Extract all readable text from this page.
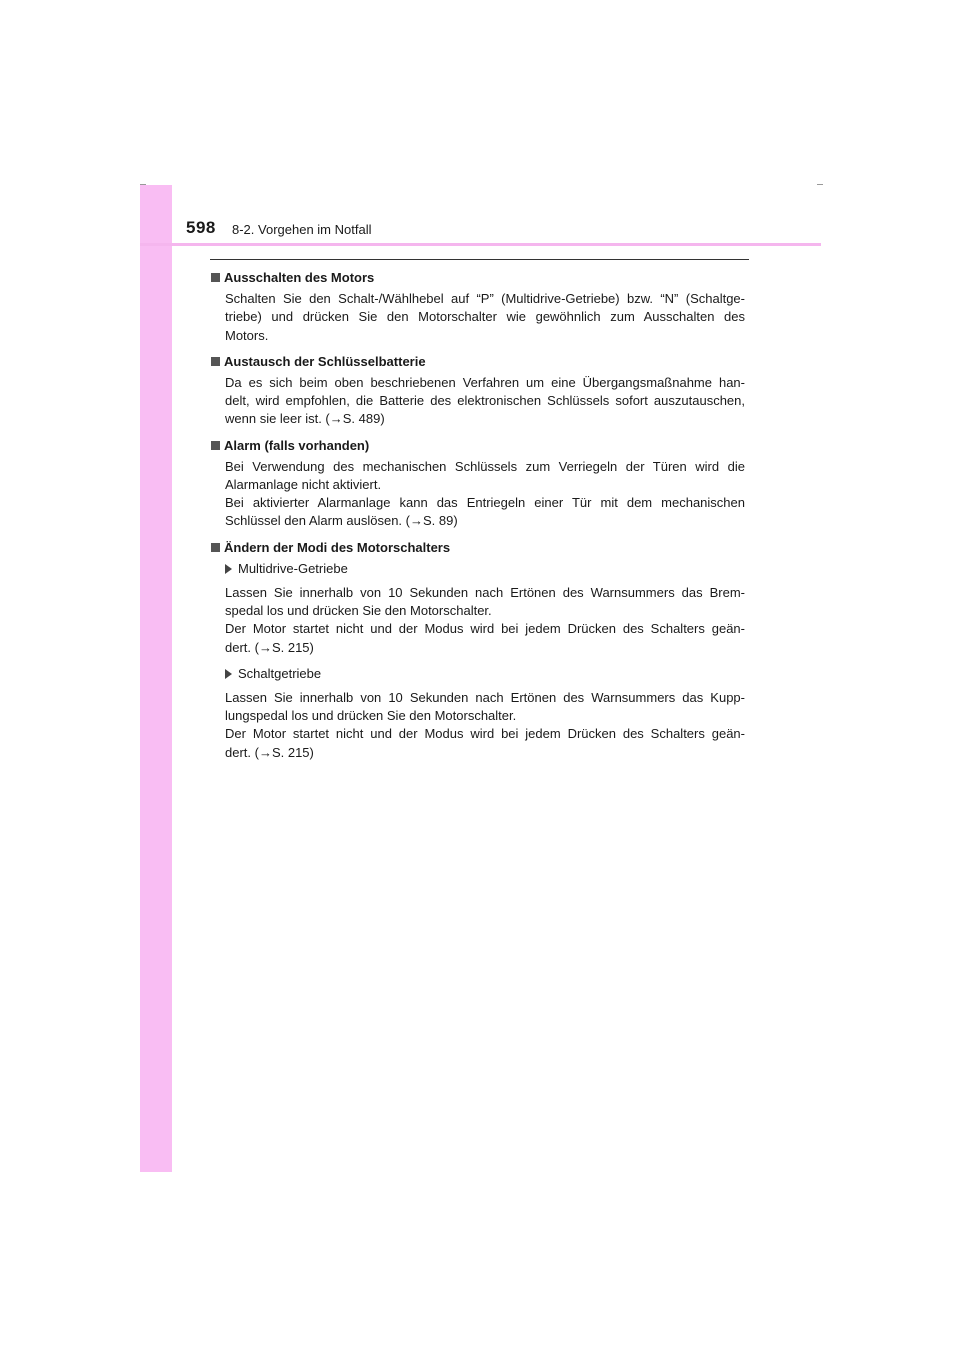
598 8-2. Vorgehen im Notfall
Ausschalten des Motors
Schalten Sie den Schalt-/Wählhebel auf “P” (Multidrive-Getriebe) bzw. “N” (Schaltge-
triebe) und drücken Sie den Motorschalter wie gewöhnlich zum Ausschalten des
Motors.
Austausch der Schlüsselbatterie
Da es sich beim oben beschriebenen Verfahren um eine Übergangsmaßnahme han-
delt, wird empfohlen, die Batterie des elektronischen Schlüssels sofort auszutauschen,
wenn sie leer ist. (→S. 489)
Alarm (falls vorhanden)
Bei Verwendung des mechanischen Schlüssels zum Verriegeln der Türen wird die
Alarmanlage nicht aktiviert.
Bei aktivierter Alarmanlage kann das Entriegeln einer Tür mit dem mechanischen
Schlüssel den Alarm auslösen. (→S. 89)
Ändern der Modi des Motorschalters
Multidrive-Getriebe
Lassen Sie innerhalb von 10 Sekunden nach Ertönen des Warnsummers das Brem-
spedal los und drücken Sie den Motorschalter.
Der Motor startet nicht und der Modus wird bei jedem Drücken des Schalters geän-
dert. (→S. 215)
Schaltgetriebe
Lassen Sie innerhalb von 10 Sekunden nach Ertönen des Warnsummers das Kupp-
lungspedal los und drücken Sie den Motorschalter.
Der Motor startet nicht und der Modus wird bei jedem Drücken des Schalters geän-
dert. (→S. 215)
